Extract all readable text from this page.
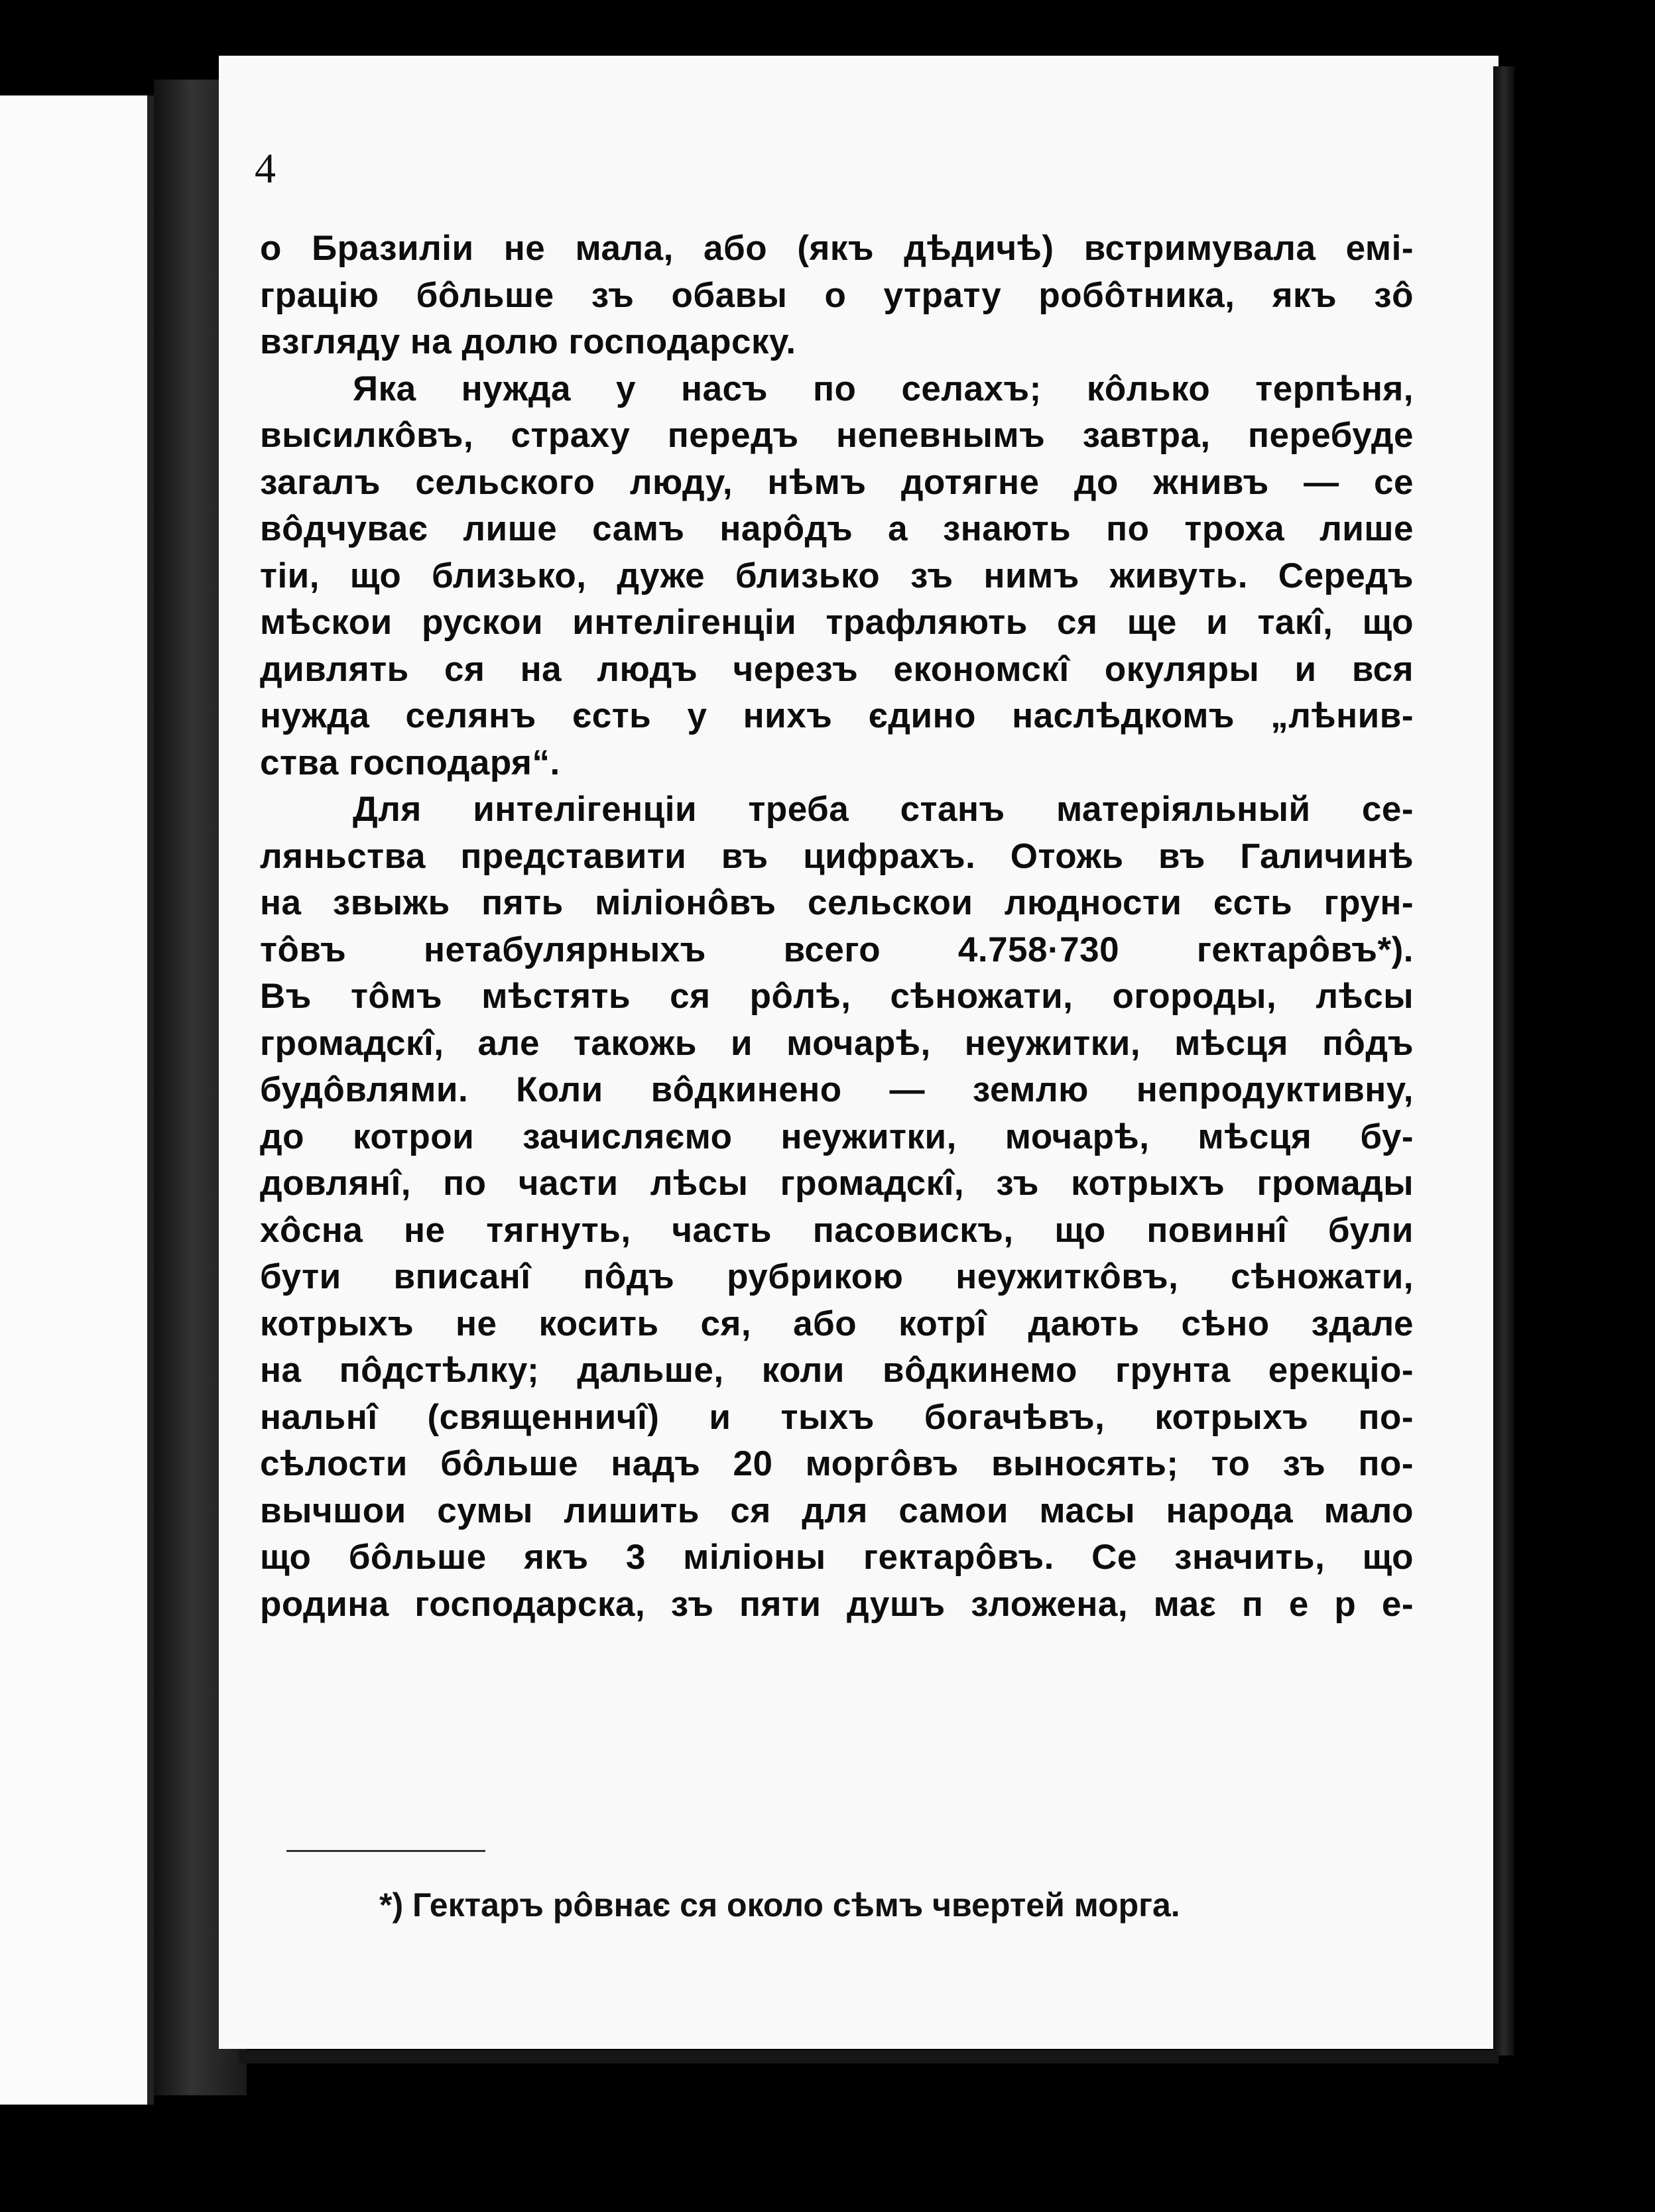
4
о Бразилiи не мала, або (якъ дѣдичѣ) встримувала емi-
грацiю бôльше зъ обавы о утрату робôтника, якъ зô
взгляду на долю господарску.
Яка нужда у насъ по селахъ; кôлько терпѣня,
высилкôвъ, страху передъ непевнымъ завтра, перебуде
загалъ сельского люду, нѣмъ дотягне до жнивъ — се
вôдчуває лише самъ нарôдъ а знають по троха лише
тiи, що близько, дуже близько зъ нимъ живуть. Середъ
мѣскои рускои интелiгенцiи трафляють ся ще и такî, що
дивлять ся на людъ черезъ економскî окуляры и вся
нужда селянъ єсть у нихъ єдино наслѣдкомъ „лѣнив-
ства господаря“.
Для интелiгенцiи треба станъ матерiяльный се-
ляньства представити въ цифрахъ. Отожь въ Галичинѣ
на звыжь пять мiлiонôвъ сельскои людности єсть грун-
тôвъ нетабулярныхъ всего 4.758·730 гектарôвъ*).
Въ тôмъ мѣстять ся рôлѣ, сѣножати, огороды, лѣсы
громадскî, але такожь и мочарѣ, неужитки, мѣсця пôдъ
будôвлями. Коли вôдкинено — землю непродуктивну,
до котрои зачисляємо неужитки, мочарѣ, мѣсця бу-
довлянî, по части лѣсы громадскî, зъ котрыхъ громады
хôсна не тягнуть, часть пасовискъ, що повиннî були
бути вписанî пôдъ рубрикою неужиткôвъ, сѣножати,
котрыхъ не косить ся, або котрî дають сѣно здале
на пôдстѣлку; дальше, коли вôдкинемо грунта ерекцiо-
нальнî (священничî) и тыхъ богачѣвъ, котрыхъ по-
сѣлости бôльше надъ 20 моргôвъ выносять; то зъ по-
вычшои сумы лишить ся для самои масы народа мало
що бôльше якъ 3 мiлiоны гектарôвъ. Се значить, що
родина господарска, зъ пяти душъ зложена, маε п е р е-
*) Гектаръ рôвнає ся около сѣмъ чвертей морга.
